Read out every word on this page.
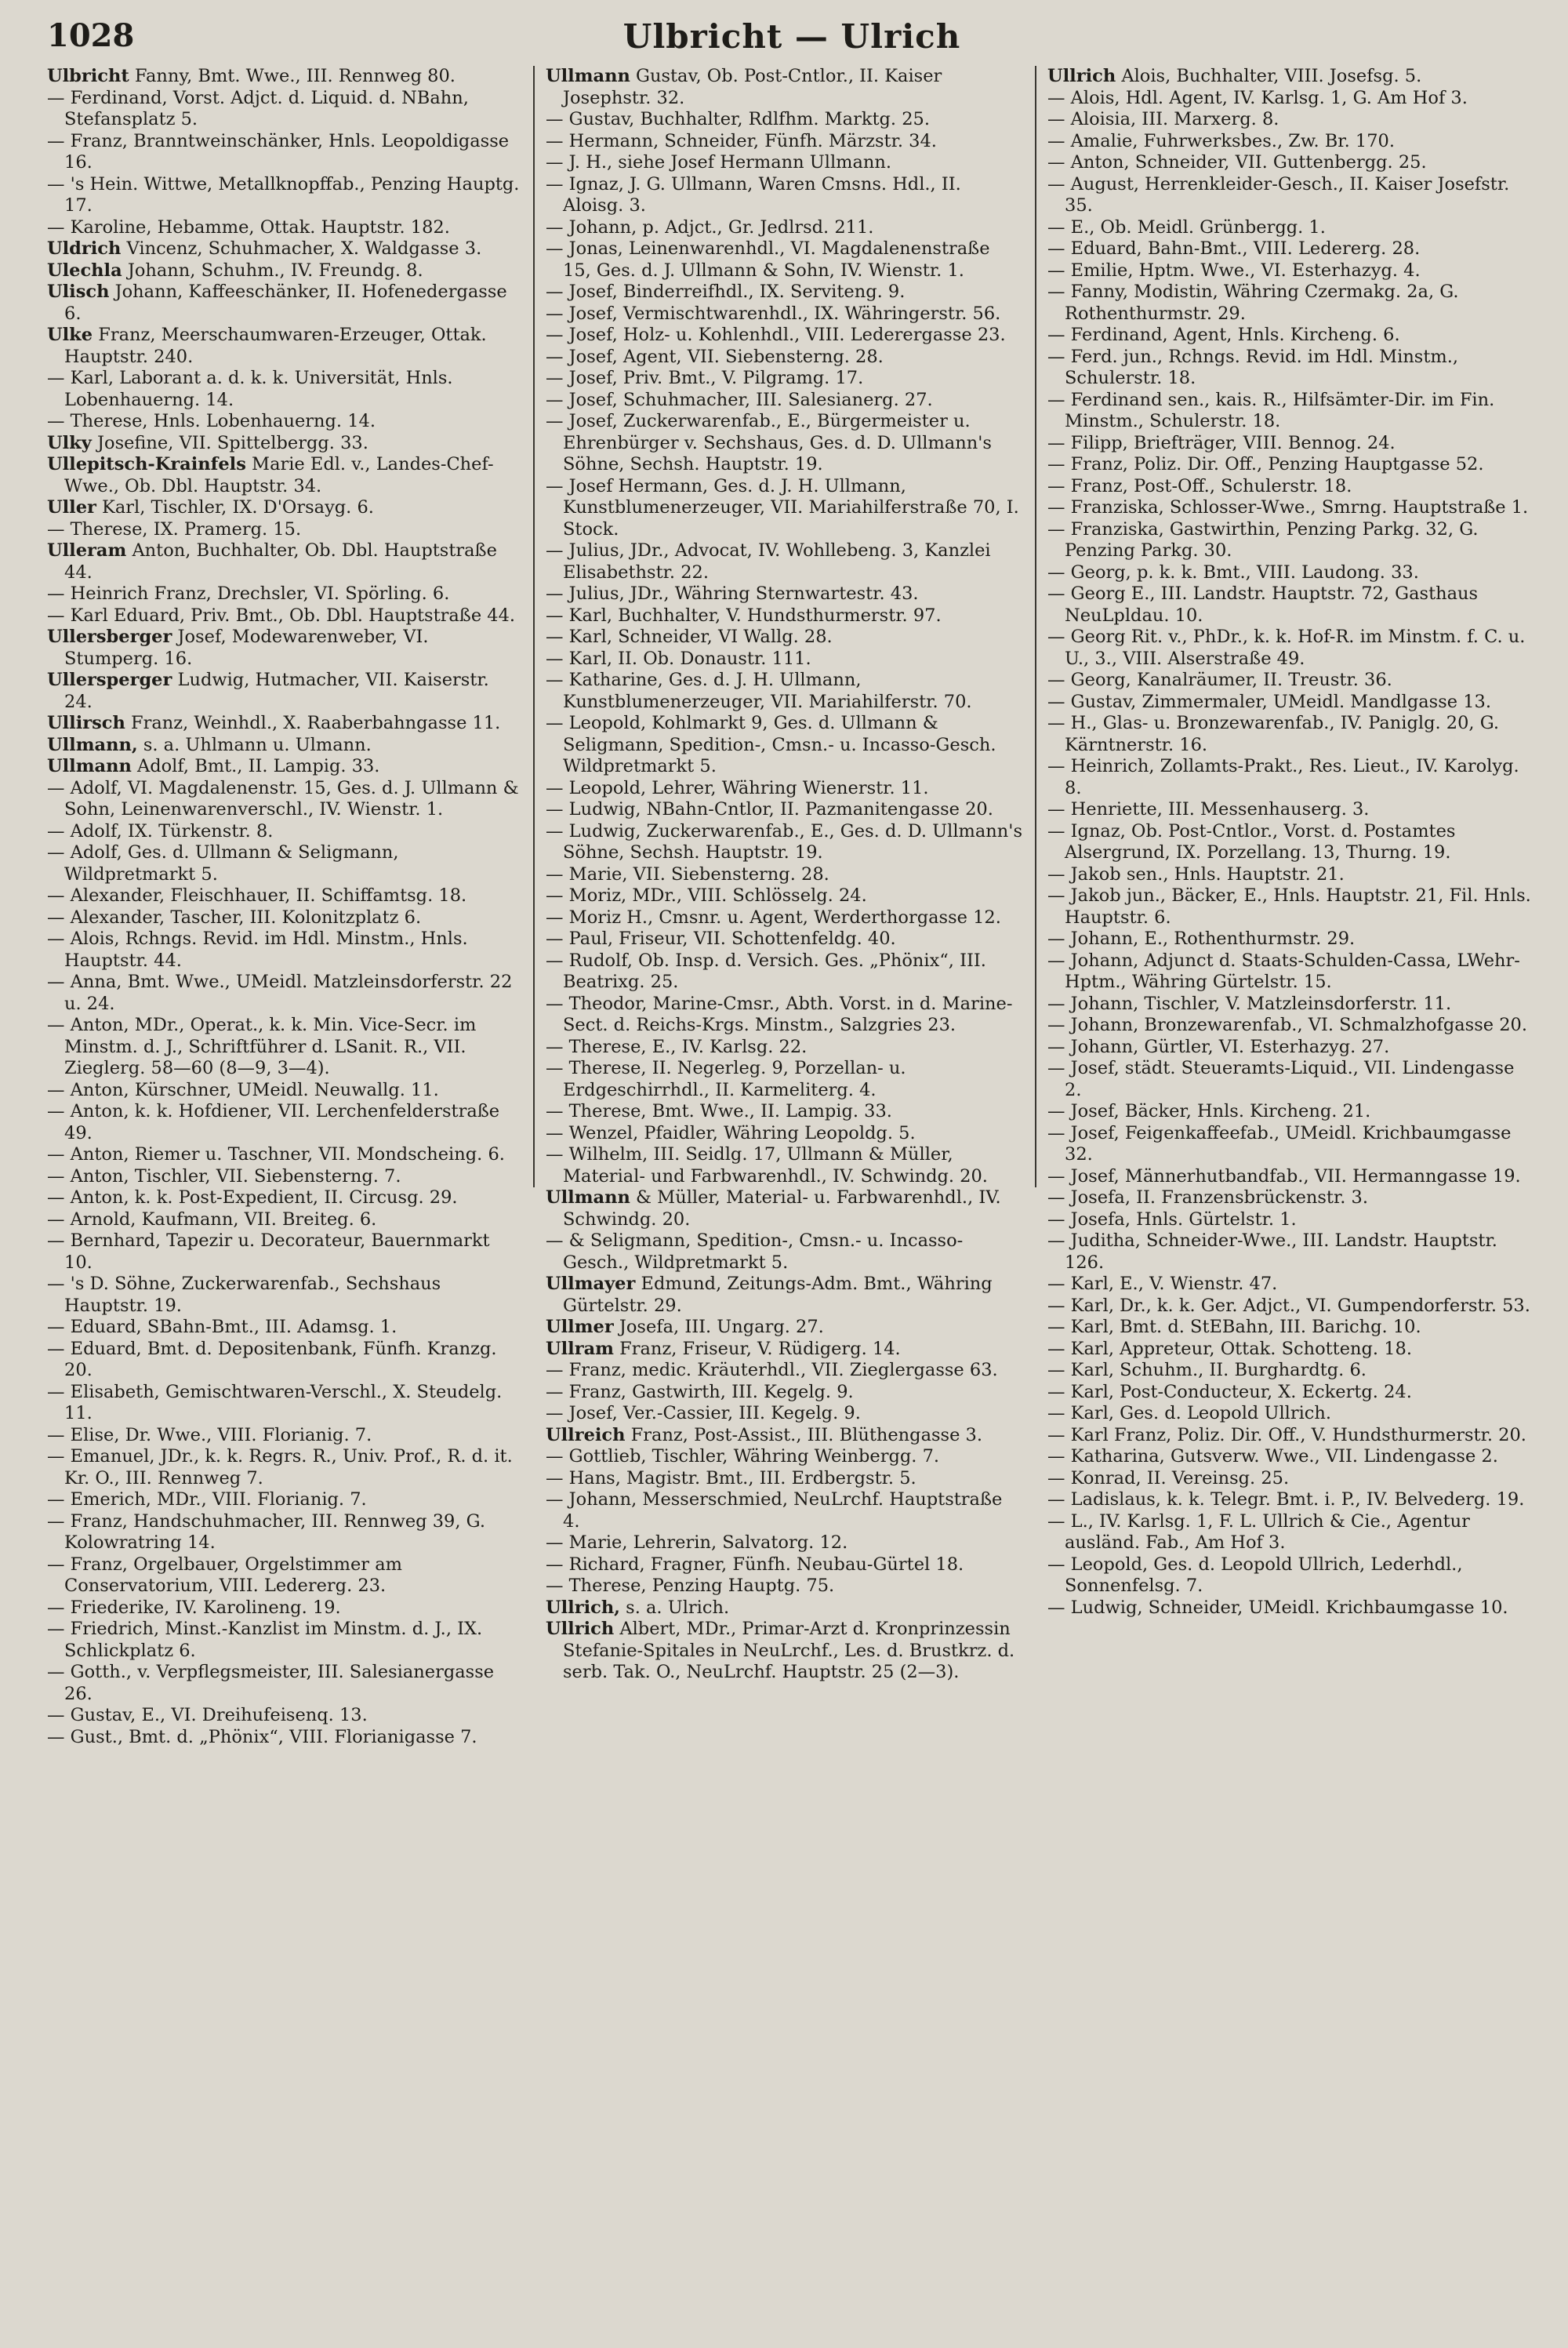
1028	Ulbricht — Ulrich

Ulbricht Fanny, Bmt. Wwe., III. Rennweg 80.

— Ferdinand, Vorst. Adjct. d. Liquid. d. NBahn, Stefansplatz 5.

— Franz, Branntweinschänker, Hnls. Leopoldigasse 16.

— 's Hein. Wittwe, Metallknopffab., Penzing Hauptg. 17.

— Karoline, Hebamme, Ottak. Hauptstr. 182.

Uldrich Vincenz, Schuhmacher, X. Waldgasse 3.

Ulechla Johann, Schuhm., IV. Freundg. 8.

Ulisch Johann, Kaffeeschänker, II. Hofenedergasse 6.

Ulke Franz, Meerschaumwaren-Erzeuger, Ottak. Hauptstr. 240.

— Karl, Laborant a. d. k. k. Universität, Hnls. Lobenhauerng. 14.

— Therese, Hnls. Lobenhauerng. 14.

Ulky Josefine, VII. Spittelbergg. 33.

Ullepitsch-Krainfels Marie Edl. v., Landes-Chef-Wwe., Ob. Dbl. Hauptstr. 34.

Uller Karl, Tischler, IX. D'Orsayg. 6.

— Therese, IX. Pramerg. 15.

Ulleram Anton, Buchhalter, Ob. Dbl. Hauptstraße 44.

— Heinrich Franz, Drechsler, VI. Spörling. 6.

— Karl Eduard, Priv. Bmt., Ob. Dbl. Hauptstraße 44.

Ullersberger Josef, Modewarenweber, VI. Stumperg. 16.

Ullersperger Ludwig, Hutmacher, VII. Kaiserstr. 24.

Ullirsch Franz, Weinhdl., X. Raaberbahngasse 11.

Ullmann, s. a. Uhlmann u. Ulmann.

Ullmann Adolf, Bmt., II. Lampig. 33.

— Adolf, VI. Magdalenenstr. 15, Ges. d. J. Ullmann & Sohn, Leinenwarenverschl., IV. Wienstr. 1.

— Adolf, IX. Türkenstr. 8.

— Adolf, Ges. d. Ullmann & Seligmann, Wildpretmarkt 5.

— Alexander, Fleischhauer, II. Schiffamtsg. 18.

— Alexander, Tascher, III. Kolonitzplatz 6.

— Alois, Rchngs. Revid. im Hdl. Minstm., Hnls. Hauptstr. 44.

— Anna, Bmt. Wwe., UMeidl. Matzleinsdorferstr. 22 u. 24.

— Anton, MDr., Operat., k. k. Min. Vice-Secr. im Minstm. d. J., Schriftführer d. LSanit. R., VII. Zieglerg. 58—60 (8—9, 3—4).

— Anton, Kürschner, UMeidl. Neuwallg. 11.

— Anton, k. k. Hofdiener, VII. Lerchenfelderstraße 49.

— Anton, Riemer u. Taschner, VII. Mondscheing. 6.

— Anton, Tischler, VII. Siebensterng. 7.

— Anton, k. k. Post-Expedient, II. Circusg. 29.

— Arnold, Kaufmann, VII. Breiteg. 6.

— Bernhard, Tapezir u. Decorateur, Bauernmarkt 10.

— 's D. Söhne, Zuckerwarenfab., Sechshaus Hauptstr. 19.

— Eduard, SBahn-Bmt., III. Adamsg. 1.

— Eduard, Bmt. d. Depositenbank, Fünfh. Kranzg. 20.

— Elisabeth, Gemischtwaren-Verschl., X. Steudelg. 11.

— Elise, Dr. Wwe., VIII. Florianig. 7.

— Emanuel, JDr., k. k. Regrs. R., Univ. Prof., R. d. it. Kr. O., III. Rennweg 7.

— Emerich, MDr., VIII. Florianig. 7.

— Franz, Handschuhmacher, III. Rennweg 39, G. Kolowratring 14.

— Franz, Orgelbauer, Orgelstimmer am Conservatorium, VIII. Ledererg. 23.

— Friederike, IV. Karolineng. 19.

— Friedrich, Minst.-Kanzlist im Minstm. d. J., IX. Schlickplatz 6.

— Gotth., v. Verpflegsmeister, III. Salesianergasse 26.

— Gustav, E., VI. Dreihufeisenq. 13.

— Gust., Bmt. d. „Phönix“, VIII. Florianigasse 7.

Ullmann Gustav, Ob. Post-Cntlor., II. Kaiser Josephstr. 32.

— Gustav, Buchhalter, Rdlfhm. Marktg. 25.

— Hermann, Schneider, Fünfh. Märzstr. 34.

— J. H., siehe Josef Hermann Ullmann.

— Ignaz, J. G. Ullmann, Waren Cmsns. Hdl., II. Aloisg. 3.

— Johann, p. Adjct., Gr. Jedlrsd. 211.

— Jonas, Leinenwarenhdl., VI. Magdalenenstraße 15, Ges. d. J. Ullmann & Sohn, IV. Wienstr. 1.

— Josef, Binderreifhdl., IX. Serviteng. 9.

— Josef, Vermischtwarenhdl., IX. Währingerstr. 56.

— Josef, Holz- u. Kohlenhdl., VIII. Lederergasse 23.

— Josef, Agent, VII. Siebensterng. 28.

— Josef, Priv. Bmt., V. Pilgramg. 17.

— Josef, Schuhmacher, III. Salesianerg. 27.

— Josef, Zuckerwarenfab., E., Bürgermeister u. Ehrenbürger v. Sechshaus, Ges. d. D. Ullmann's Söhne, Sechsh. Hauptstr. 19.

— Josef Hermann, Ges. d. J. H. Ullmann, Kunstblumenerzeuger, VII. Mariahilferstraße 70, I. Stock.

— Julius, JDr., Advocat, IV. Wohllebeng. 3, Kanzlei Elisabethstr. 22.

— Julius, JDr., Währing Sternwartestr. 43.

— Karl, Buchhalter, V. Hundsthurmerstr. 97.

— Karl, Schneider, VI Wallg. 28.

— Karl, II. Ob. Donaustr. 111.

— Katharine, Ges. d. J. H. Ullmann, Kunstblumenerzeuger, VII. Mariahilferstr. 70.

— Leopold, Kohlmarkt 9, Ges. d. Ullmann & Seligmann, Spedition-, Cmsn.- u. Incasso-Gesch. Wildpretmarkt 5.

— Leopold, Lehrer, Währing Wienerstr. 11.

— Ludwig, NBahn-Cntlor, II. Pazmanitengasse 20.

— Ludwig, Zuckerwarenfab., E., Ges. d. D. Ullmann's Söhne, Sechsh. Hauptstr. 19.

— Marie, VII. Siebensterng. 28.

— Moriz, MDr., VIII. Schlösselg. 24.

— Moriz H., Cmsnr. u. Agent, Werderthorgasse 12.

— Paul, Friseur, VII. Schottenfeldg. 40.

— Rudolf, Ob. Insp. d. Versich. Ges. „Phönix“, III. Beatrixg. 25.

— Theodor, Marine-Cmsr., Abth. Vorst. in d. Marine-Sect. d. Reichs-Krgs. Minstm., Salzgries 23.

— Therese, E., IV. Karlsg. 22.

— Therese, II. Negerleg. 9, Porzellan- u. Erdgeschirrhdl., II. Karmeliterg. 4.

— Therese, Bmt. Wwe., II. Lampig. 33.

— Wenzel, Pfaidler, Währing Leopoldg. 5.

— Wilhelm, III. Seidlg. 17, Ullmann & Müller, Material- und Farbwarenhdl., IV. Schwindg. 20.

Ullmann & Müller, Material- u. Farbwarenhdl., IV. Schwindg. 20.

— & Seligmann, Spedition-, Cmsn.- u. Incasso-Gesch., Wildpretmarkt 5.

Ullmayer Edmund, Zeitungs-Adm. Bmt., Währing Gürtelstr. 29.

Ullmer Josefa, III. Ungarg. 27.

Ullram Franz, Friseur, V. Rüdigerg. 14.

— Franz, medic. Kräuterhdl., VII. Zieglergasse 63.

— Franz, Gastwirth, III. Kegelg. 9.

— Josef, Ver.-Cassier, III. Kegelg. 9.

Ullreich Franz, Post-Assist., III. Blüthengasse 3.

— Gottlieb, Tischler, Währing Weinbergg. 7.

— Hans, Magistr. Bmt., III. Erdbergstr. 5.

— Johann, Messerschmied, NeuLrchf. Hauptstraße 4.

— Marie, Lehrerin, Salvatorg. 12.

— Richard, Fragner, Fünfh. Neubau-Gürtel 18.

— Therese, Penzing Hauptg. 75.

Ullrich, s. a. Ulrich.

Ullrich Albert, MDr., Primar-Arzt d. Kronprinzessin Stefanie-Spitales in NeuLrchf., Les. d. Brustkrz. d. serb. Tak. O., NeuLrchf. Hauptstr. 25 (2—3).

Ullrich Alois, Buchhalter, VIII. Josefsg. 5.

— Alois, Hdl. Agent, IV. Karlsg. 1, G. Am Hof 3.

— Aloisia, III. Marxerg. 8.

— Amalie, Fuhrwerksbes., Zw. Br. 170.

— Anton, Schneider, VII. Guttenbergg. 25.

— August, Herrenkleider-Gesch., II. Kaiser Josefstr. 35.

— E., Ob. Meidl. Grünbergg. 1.

— Eduard, Bahn-Bmt., VIII. Ledererg. 28.

— Emilie, Hptm. Wwe., VI. Esterhazyg. 4.

— Fanny, Modistin, Währing Czermakg. 2a, G. Rothenthurmstr. 29.

— Ferdinand, Agent, Hnls. Kircheng. 6.

— Ferd. jun., Rchngs. Revid. im Hdl. Minstm., Schulerstr. 18.

— Ferdinand sen., kais. R., Hilfsämter-Dir. im Fin. Minstm., Schulerstr. 18.

— Filipp, Briefträger, VIII. Bennog. 24.

— Franz, Poliz. Dir. Off., Penzing Hauptgasse 52.

— Franz, Post-Off., Schulerstr. 18.

— Franziska, Schlosser-Wwe., Smrng. Hauptstraße 1.

— Franziska, Gastwirthin, Penzing Parkg. 32, G. Penzing Parkg. 30.

— Georg, p. k. k. Bmt., VIII. Laudong. 33.

— Georg E., III. Landstr. Hauptstr. 72, Gasthaus NeuLpldau. 10.

— Georg Rit. v., PhDr., k. k. Hof-R. im Minstm. f. C. u. U., 3., VIII. Alserstraße 49.

— Georg, Kanalräumer, II. Treustr. 36.

— Gustav, Zimmermaler, UMeidl. Mandlgasse 13.

— H., Glas- u. Bronzewarenfab., IV. Paniglg. 20, G. Kärntnerstr. 16.

— Heinrich, Zollamts-Prakt., Res. Lieut., IV. Karolyg. 8.

— Henriette, III. Messenhauserg. 3.

— Ignaz, Ob. Post-Cntlor., Vorst. d. Postamtes Alsergrund, IX. Porzellang. 13, Thurng. 19.

— Jakob sen., Hnls. Hauptstr. 21.

— Jakob jun., Bäcker, E., Hnls. Hauptstr. 21, Fil. Hnls. Hauptstr. 6.

— Johann, E., Rothenthurmstr. 29.

— Johann, Adjunct d. Staats-Schulden-Cassa, LWehr-Hptm., Währing Gürtelstr. 15.

— Johann, Tischler, V. Matzleinsdorferstr. 11.

— Johann, Bronzewarenfab., VI. Schmalzhofgasse 20.

— Johann, Gürtler, VI. Esterhazyg. 27.

— Josef, städt. Steueramts-Liquid., VII. Lindengasse 2.

— Josef, Bäcker, Hnls. Kircheng. 21.

— Josef, Feigenkaffeefab., UMeidl. Krichbaumgasse 32.

— Josef, Männerhutbandfab., VII. Hermanngasse 19.

— Josefa, II. Franzensbrückenstr. 3.

— Josefa, Hnls. Gürtelstr. 1.

— Juditha, Schneider-Wwe., III. Landstr. Hauptstr. 126.

— Karl, E., V. Wienstr. 47.

— Karl, Dr., k. k. Ger. Adjct., VI. Gumpendorferstr. 53.

— Karl, Bmt. d. StEBahn, III. Barichg. 10.

— Karl, Appreteur, Ottak. Schotteng. 18.

— Karl, Schuhm., II. Burghardtg. 6.

— Karl, Post-Conducteur, X. Eckertg. 24.

— Karl, Ges. d. Leopold Ullrich.

— Karl Franz, Poliz. Dir. Off., V. Hundsthurmerstr. 20.

— Katharina, Gutsverw. Wwe., VII. Lindengasse 2.

— Konrad, II. Vereinsg. 25.

— Ladislaus, k. k. Telegr. Bmt. i. P., IV. Belvederg. 19.

— L., IV. Karlsg. 1, F. L. Ullrich & Cie., Agentur ausländ. Fab., Am Hof 3.

— Leopold, Ges. d. Leopold Ullrich, Lederhdl., Sonnenfelsg. 7.

— Ludwig, Schneider, UMeidl. Krichbaumgasse 10.
